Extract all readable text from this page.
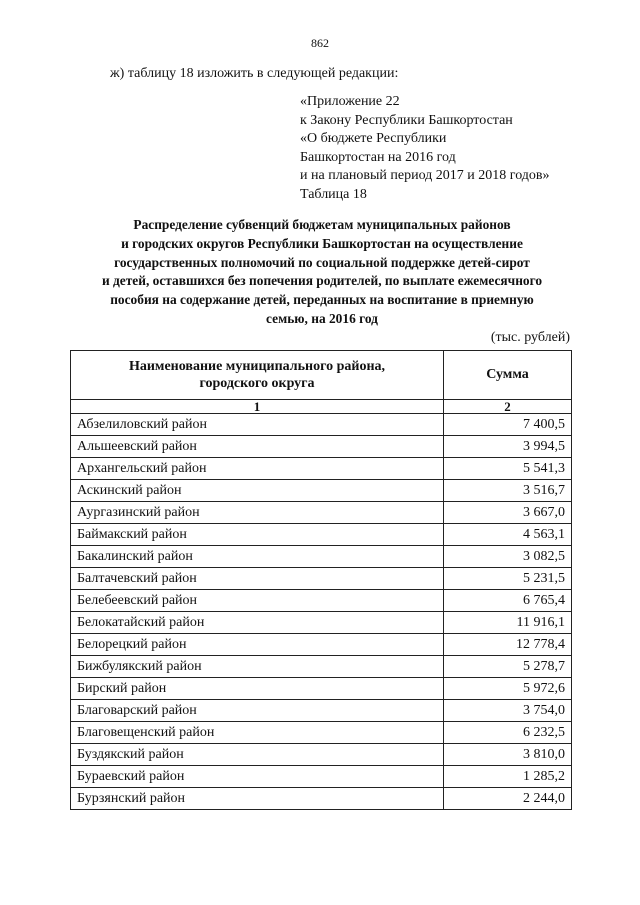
862
ж) таблицу 18 изложить в следующей редакции:
«Приложение 22
к Закону Республики Башкортостан
«О бюджете Республики
Башкортостан на 2016 год
и на плановый период 2017 и 2018 годов»
Таблица 18
Распределение субвенций бюджетам муниципальных районов
и городских округов Республики Башкортостан на осуществление
государственных полномочий по социальной поддержке детей-сирот
и детей, оставшихся без попечения родителей, по выплате ежемесячного
пособия на содержание детей, переданных на воспитание в приемную
семью, на 2016 год
(тыс. рублей)
Наименование муниципального района,
городского округа	Сумма
1	2
Абзелиловский район	7 400,5
Альшеевский район	3 994,5
Архангельский район	5 541,3
Аскинский район	3 516,7
Аургазинский район	3 667,0
Баймакский район	4 563,1
Бакалинский район	3 082,5
Балтачевский район	5 231,5
Белебеевский район	6 765,4
Белокатайский район	11 916,1
Белорецкий район	12 778,4
Бижбулякский район	5 278,7
Бирский район	5 972,6
Благоварский район	3 754,0
Благовещенский район	6 232,5
Буздякский район	3 810,0
Бураевский район	1 285,2
Бурзянский район	2 244,0
